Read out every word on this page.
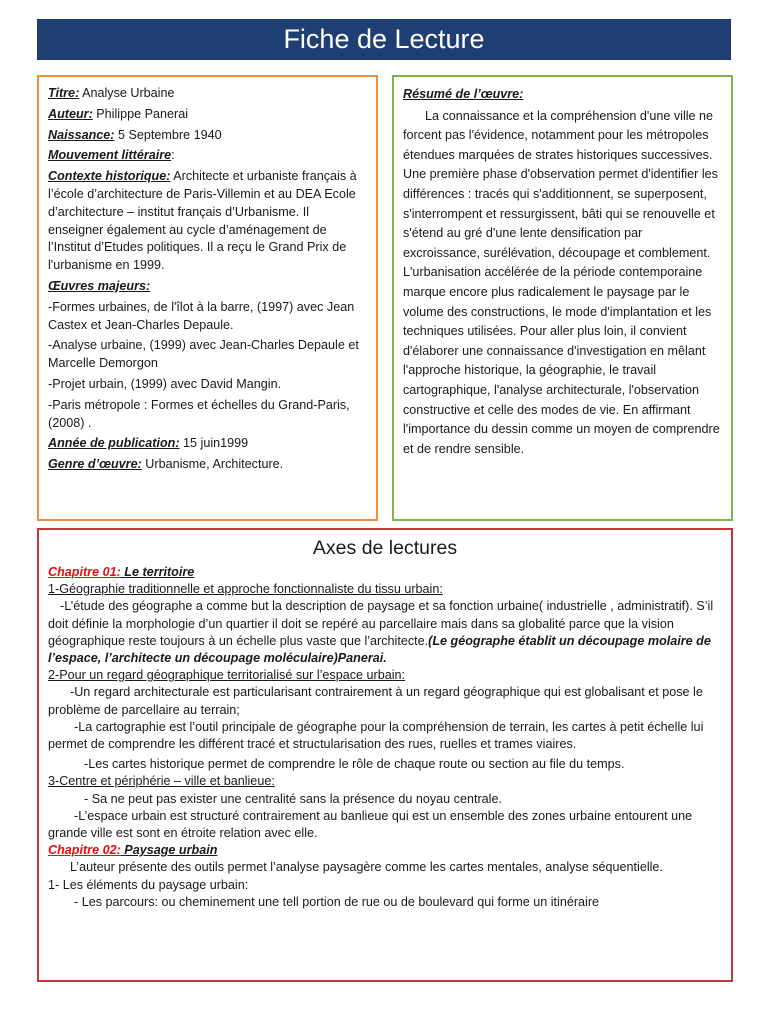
Fiche de Lecture

Titre: Analyse Urbaine

Auteur: Philippe Panerai

Naissance: 5 Septembre 1940

Mouvement littéraire:

Contexte historique: Architecte et urbaniste français à l’école d’architecture de Paris-Villemin et au DEA Ecole d’architecture – institut français d’Urbanisme. Il enseigner également au cycle d’aménagement de l’Institut d’Etudes politiques. Il a reçu le Grand Prix de l'urbanisme en 1999.

Œuvres majeurs:

-Formes urbaines, de l'îlot à la barre, (1997) avec Jean Castex et Jean-Charles Depaule.

-Analyse urbaine, (1999) avec Jean-Charles Depaule et Marcelle Demorgon

-Projet urbain, (1999) avec David Mangin.

-Paris métropole : Formes et échelles du Grand-Paris, (2008) .

Année de publication: 15 juin1999

Genre d’œuvre: Urbanisme, Architecture.

Résumé de l’œuvre:

La connaissance et la compréhension d'une ville ne forcent pas l'évidence, notamment pour les métropoles étendues marquées de strates historiques successives. Une première phase d'observation permet d'identifier les différences : tracés qui s'additionnent, se superposent, s'interrompent et ressurgissent, bâti qui se renouvelle et s'étend au gré d'une lente densification par excroissance, surélévation, découpage et comblement. L'urbanisation accélérée de la période contemporaine marque encore plus radicalement le paysage par le volume des constructions, le mode d'implantation et les techniques utilisées. Pour aller plus loin, il convient d'élaborer une connaissance d'investigation en mêlant l'approche historique, la géographie, le travail cartographique, l'analyse architecturale, l'observation constructive et celle des modes de vie. En affirmant l'importance du dessin comme un moyen de comprendre et de rendre sensible.

Axes de lectures

Chapitre 01: Le territoire

1-Géographie traditionnelle et approche fonctionnaliste du tissu urbain:

-L’étude des géographe a comme but la description de paysage et sa fonction urbaine( industrielle , administratif). S’il doit définie la morphologie d’un quartier il doit se repéré au parcellaire mais dans sa globalité parce que la vision géographique reste toujours à un échelle plus vaste que l’architecte.(Le géographe établit un découpage molaire de l’espace, l’architecte un découpage moléculaire)Panerai.

2-Pour un regard géographique territorialisé sur l’espace urbain:

-Un regard architecturale est particularisant contrairement à un regard géographique qui est globalisant et pose le problème de parcellaire au terrain;

-La cartographie est l’outil principale de géographe pour la compréhension de terrain, les cartes à petit échelle lui permet de comprendre les différent tracé et structularisation des rues, ruelles et trames viaires.

-Les cartes historique permet de comprendre le rôle de chaque route ou section au file du temps.

3-Centre et périphérie – ville et banlieue:

- Sa ne peut pas exister une centralité sans la présence du noyau centrale.

-L’espace urbain est structuré contrairement au banlieue qui est un ensemble des zones urbaine entourent une grande ville est sont en étroite relation avec elle.

Chapitre 02: Paysage urbain

L’auteur présente des outils permet l’analyse paysagère comme les cartes mentales, analyse séquentielle.

1- Les éléments du paysage urbain:

- Les parcours: ou cheminement une tell portion de rue ou de boulevard qui forme un itinéraire
